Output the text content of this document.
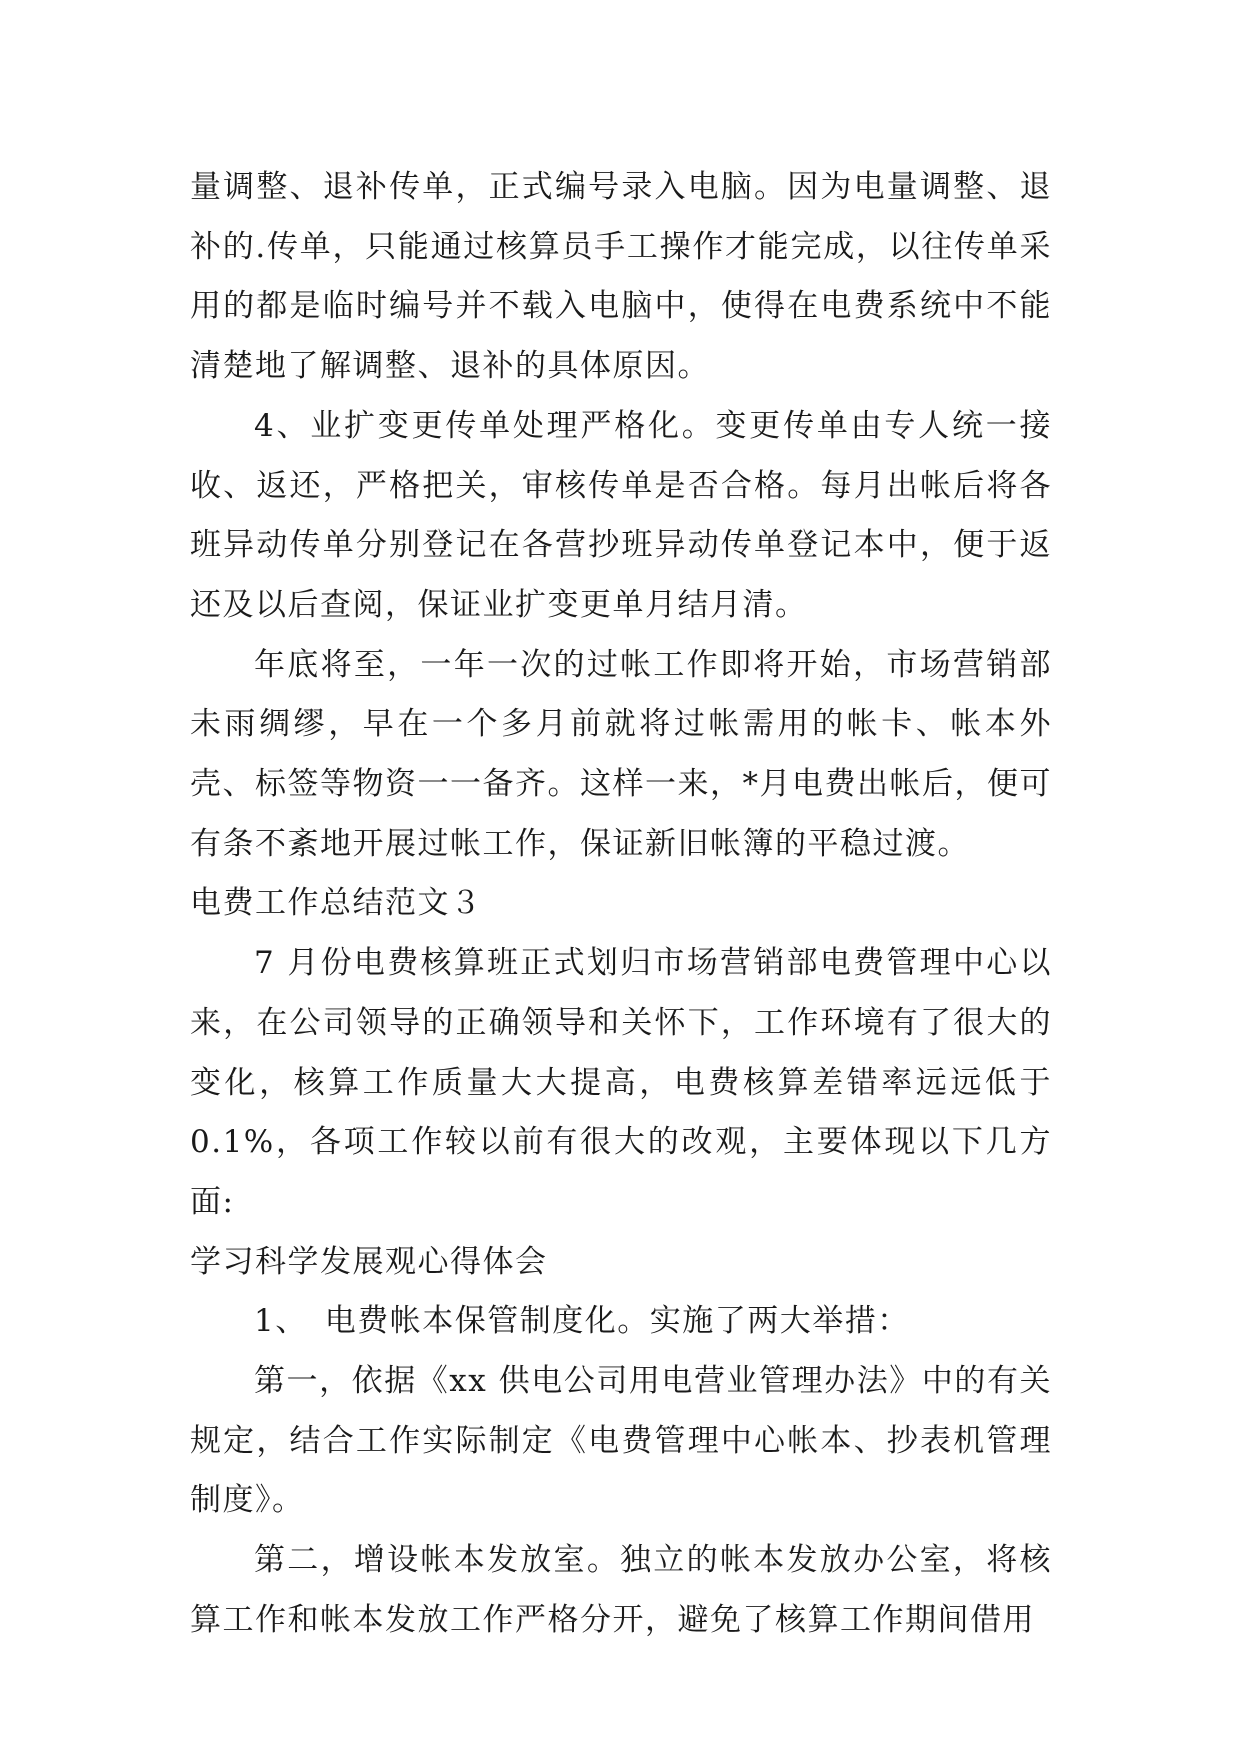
量调整、退补传单，正式编号录入电脑。因为电量调整、退补的.传单，只能通过核算员手工操作才能完成，以往传单采用的都是临时编号并不载入电脑中，使得在电费系统中不能清楚地了解调整、退补的具体原因。

4、业扩变更传单处理严格化。变更传单由专人统一接收、返还，严格把关，审核传单是否合格。每月出帐后将各班异动传单分别登记在各营抄班异动传单登记本中，便于返还及以后查阅，保证业扩变更单月结月清。

年底将至，一年一次的过帐工作即将开始，市场营销部未雨绸缪，早在一个多月前就将过帐需用的帐卡、帐本外壳、标签等物资一一备齐。这样一来，*月电费出帐后，便可有条不紊地开展过帐工作，保证新旧帐簿的平稳过渡。

电费工作总结范文３

7 月份电费核算班正式划归市场营销部电费管理中心以来，在公司领导的正确领导和关怀下，工作环境有了很大的变化，核算工作质量大大提高，电费核算差错率远远低于 0.1%，各项工作较以前有很大的改观，主要体现以下几方面:

学习科学发展观心得体会

1、　电费帐本保管制度化。实施了两大举措：

第一，依据《xx 供电公司用电营业管理办法》中的有关规定，结合工作实际制定《电费管理中心帐本、抄表机管理制度》。

第二，增设帐本发放室。独立的帐本发放办公室，将核算工作和帐本发放工作严格分开，避免了核算工作期间借用
